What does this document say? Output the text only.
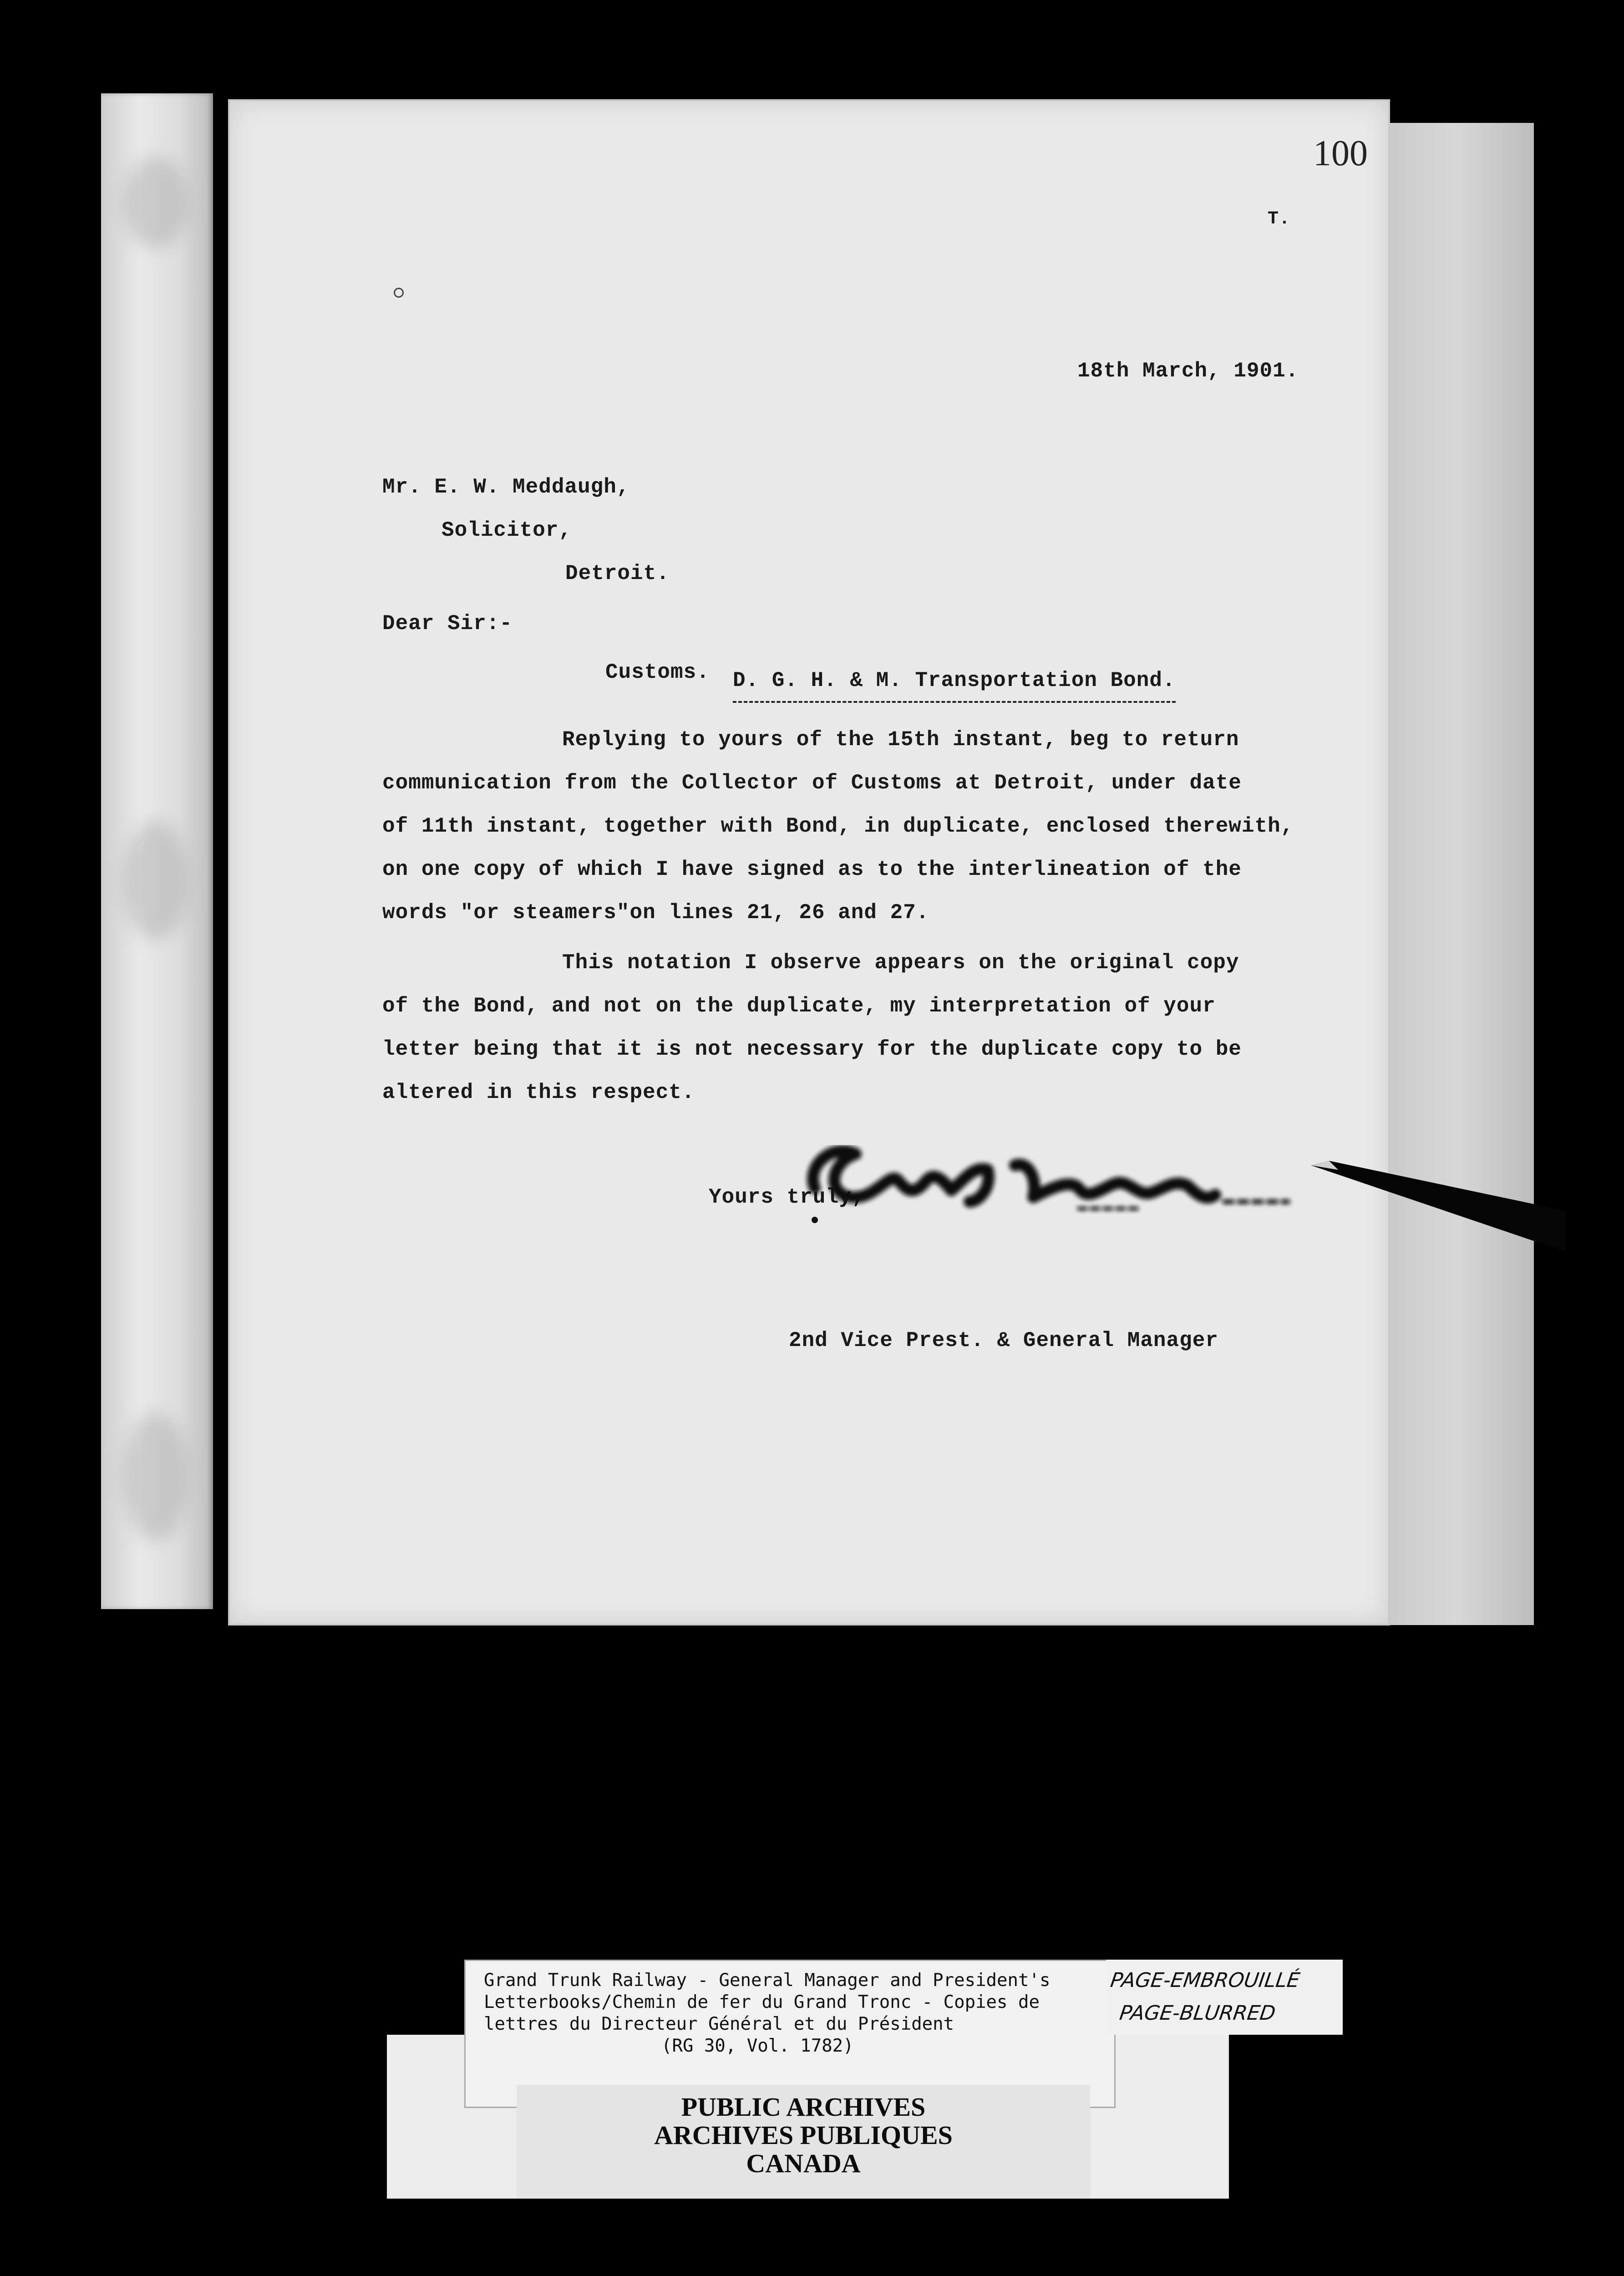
100
T.
18th March, 1901.
Mr. E. W. Meddaugh,
Solicitor,
Detroit.
Dear Sir:-
Customs. D. G. H. & M. Transportation Bond.
Replying to yours of the 15th instant, beg to return
communication from the Collector of Customs at Detroit, under date
of 11th instant, together with Bond, in duplicate, enclosed therewith,
on one copy of which I have signed as to the interlineation of the
words "or steamers"on lines 21, 26 and 27.
This notation I observe appears on the original copy
of the Bond, and not on the duplicate, my interpretation of your
letter being that it is not necessary for the duplicate copy to be
altered in this respect.
Yours truly,
2nd Vice Prest. & General Manager
Grand Trunk Railway - General Manager and President's
Letterbooks/Chemin de fer du Grand Tronc - Copies de
lettres du Directeur Général et du Président
(RG 30, Vol. 1782)
PUBLIC ARCHIVES
ARCHIVES PUBLIQUES
CANADA
PAGE-EMBROUILLÉ
PAGE-BLURRED
